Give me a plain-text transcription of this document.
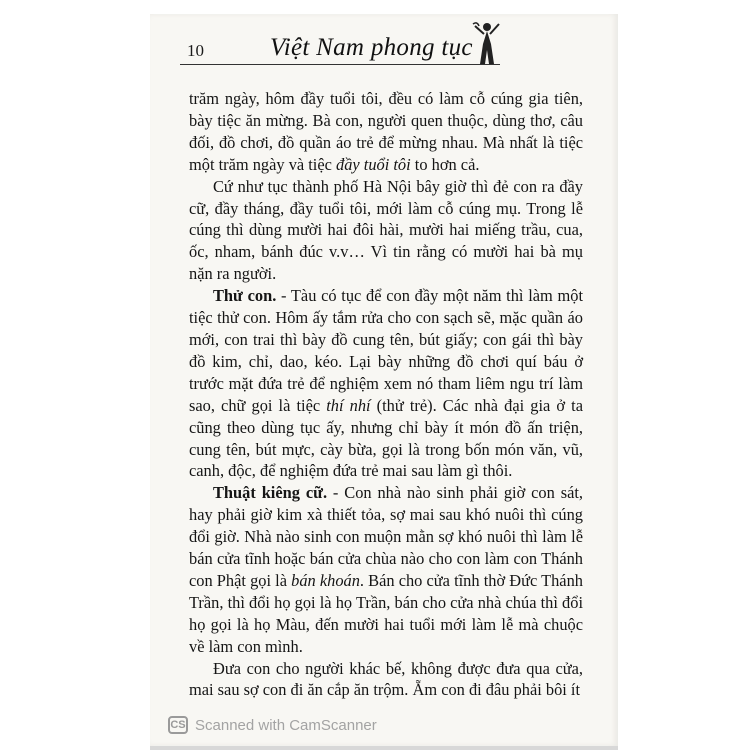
10	Việt Nam phong tục

trăm ngày, hôm đầy tuổi tôi, đều có làm cỗ cúng gia tiên, bày tiệc ăn mừng. Bà con, người quen thuộc, dùng thơ, câu đối, đồ chơi, đồ quần áo trẻ để mừng nhau. Mà nhất là tiệc một trăm ngày và tiệc đầy tuổi tôi to hơn cả.

Cứ như tục thành phố Hà Nội bây giờ thì đẻ con ra đầy cữ, đầy tháng, đầy tuổi tôi, mới làm cỗ cúng mụ. Trong lễ cúng thì dùng mười hai đôi hài, mười hai miếng trầu, cua, ốc, nham, bánh đúc v.v… Vì tin rằng có mười hai bà mụ nặn ra người.

Thử con. - Tàu có tục để con đầy một năm thì làm một tiệc thử con. Hôm ấy tắm rửa cho con sạch sẽ, mặc quần áo mới, con trai thì bày đồ cung tên, bút giấy; con gái thì bày đồ kim, chỉ, dao, kéo. Lại bày những đồ chơi quí báu ở trước mặt đứa trẻ để nghiệm xem nó tham liêm ngu trí làm sao, chữ gọi là tiệc thí nhí (thử trẻ). Các nhà đại gia ở ta cũng theo dùng tục ấy, nhưng chỉ bày ít món đồ ấn triện, cung tên, bút mực, cày bừa, gọi là trong bốn món văn, vũ, canh, độc, để nghiệm đứa trẻ mai sau làm gì thôi.

Thuật kiêng cữ. - Con nhà nào sinh phải giờ con sát, hay phải giờ kim xà thiết tỏa, sợ mai sau khó nuôi thì cúng đổi giờ. Nhà nào sinh con muộn mằn sợ khó nuôi thì làm lễ bán cửa tĩnh hoặc bán cửa chùa nào cho con làm con Thánh con Phật gọi là bán khoán. Bán cho cửa tĩnh thờ Đức Thánh Trần, thì đổi họ gọi là họ Trần, bán cho cửa nhà chúa thì đổi họ gọi là họ Màu, đến mười hai tuổi mới làm lễ mà chuộc về làm con mình.

Đưa con cho người khác bế, không được đưa qua cửa, mai sau sợ con đi ăn cắp ăn trộm. Ẵm con đi đâu phải bôi ít

CS Scanned with CamScanner
